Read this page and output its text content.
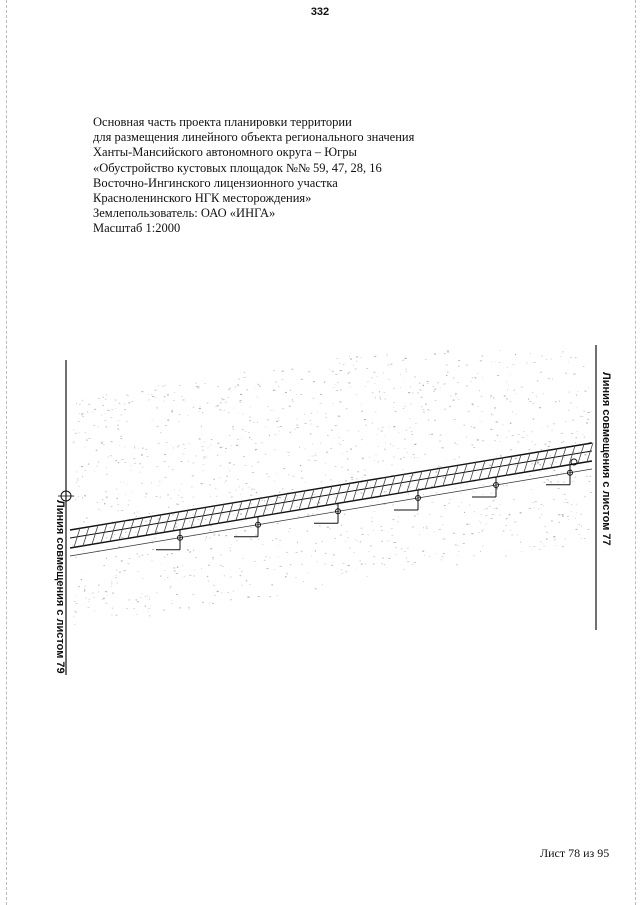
332
Основная часть проекта планировки территории
для размещения линейного объекта регионального значения
Ханты-Мансийского автономного округа – Югры
«Обустройство кустовых площадок №№ 59, 47, 28, 16
Восточно-Ингинского лицензионного участка
Красноленинского НГК месторождения»
Землепользователь: ОАО «ИНГА»
Масштаб 1:2000
Линия совмещения с листом 77
Линия совмещения с листом 79
Лист 78 из 95
